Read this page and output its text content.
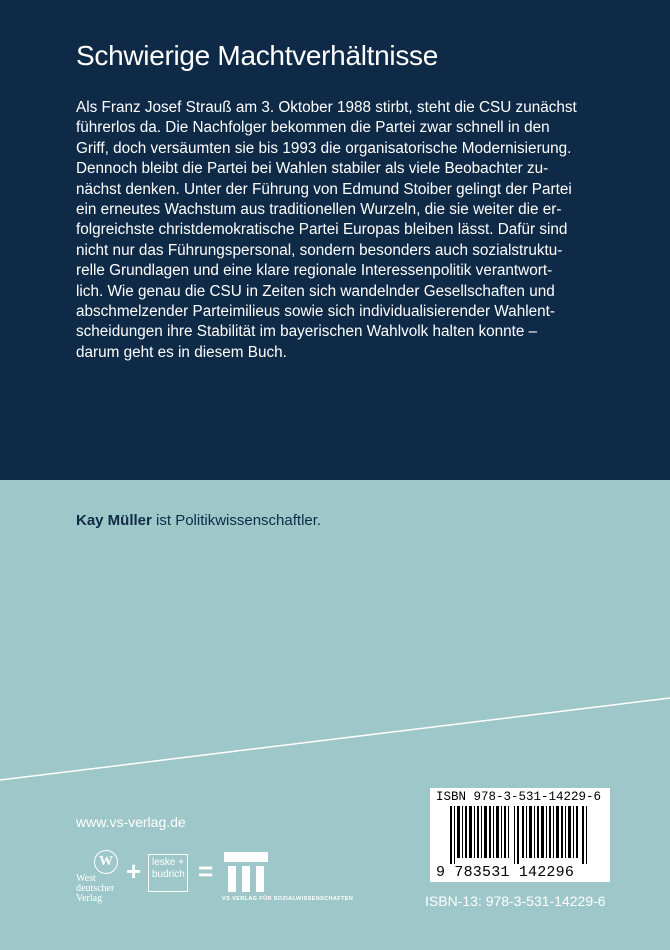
Schwierige Machtverhältnisse

Als Franz Josef Strauß am 3. Oktober 1988 stirbt, steht die CSU zunächst
führerlos da. Die Nachfolger bekommen die Partei zwar schnell in den
Griff, doch versäumten sie bis 1993 die organisatorische Modernisierung.
Dennoch bleibt die Partei bei Wahlen stabiler als viele Beobachter zu-
nächst denken. Unter der Führung von Edmund Stoiber gelingt der Partei
ein erneutes Wachstum aus traditionellen Wurzeln, die sie weiter die er-
folgreichste christdemokratische Partei Europas bleiben lässt. Dafür sind
nicht nur das Führungspersonal, sondern besonders auch sozialstruktu-
relle Grundlagen und eine klare regionale Interessenpolitik verantwort-
lich. Wie genau die CSU in Zeiten sich wandelnder Gesellschaften und
abschmelzender Parteimilieus sowie sich individualisierender Wahlent-
scheidungen ihre Stabilität im bayerischen Wahlvolk halten konnte –
darum geht es in diesem Buch.

Kay Müller ist Politikwissenschaftler.
www.vs-verlag.de
W
West
deutscher
Verlag
+ leske +
budrich =
VS VERLAG FÜR SOZIALWISSENSCHAFTEN
ISBN 978-3-531-14229-6
9 783531 142296
ISBN-13: 978-3-531-14229-6
